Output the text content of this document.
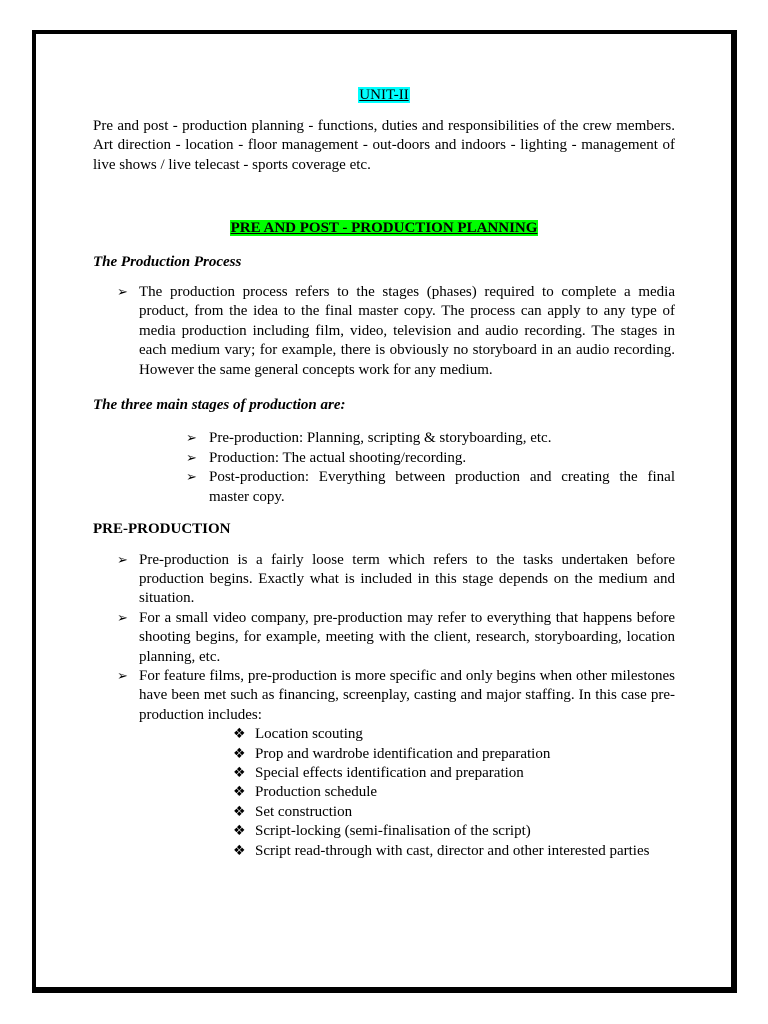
UNIT-II

Pre and post - production planning - functions, duties and responsibilities of the crew members. Art direction - location - floor management - out-doors and indoors - lighting - management of live shows / live telecast - sports coverage etc.

PRE AND POST - PRODUCTION PLANNING
The Production Process
➢ The production process refers to the stages (phases) required to complete a media product, from the idea to the final master copy. The process can apply to any type of media production including film, video, television and audio recording. The stages in each medium vary; for example, there is obviously no storyboard in an audio recording. However the same general concepts work for any medium.
The three main stages of production are:
➢ Pre-production: Planning, scripting & storyboarding, etc.
➢ Production: The actual shooting/recording.
➢ Post-production: Everything between production and creating the final master copy.
PRE-PRODUCTION
➢ Pre-production is a fairly loose term which refers to the tasks undertaken before production begins. Exactly what is included in this stage depends on the medium and situation.
➢ For a small video company, pre-production may refer to everything that happens before shooting begins, for example, meeting with the client, research, storyboarding, location planning, etc.
➢ For feature films, pre-production is more specific and only begins when other milestones have been met such as financing, screenplay, casting and major staffing. In this case pre-production includes:
❖ Location scouting
❖ Prop and wardrobe identification and preparation
❖ Special effects identification and preparation
❖ Production schedule
❖ Set construction
❖ Script-locking (semi-finalisation of the script)
❖ Script read-through with cast, director and other interested parties
